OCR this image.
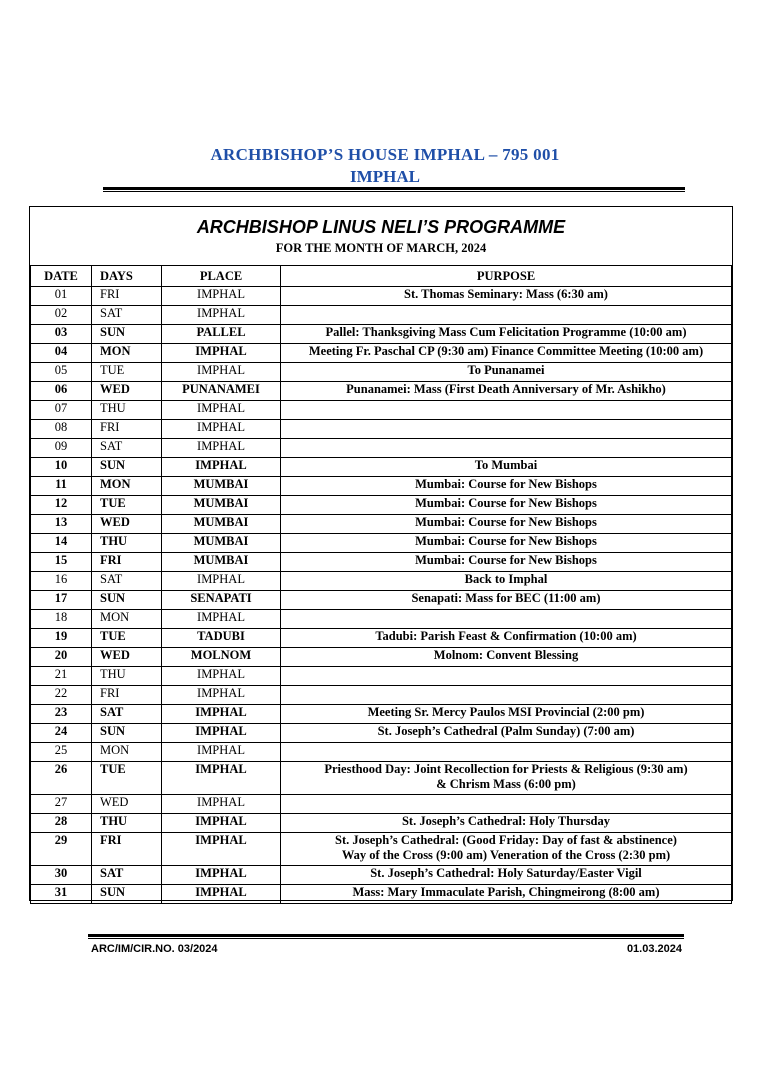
ARCHBISHOP’S HOUSE IMPHAL – 795 001
IMPHAL
ARCHBISHOP LINUS NELI’S PROGRAMME
FOR THE MONTH OF MARCH, 2024
DATE	DAYS	PLACE	PURPOSE
01	FRI	IMPHAL	St. Thomas Seminary: Mass (6:30 am)

02	SAT	IMPHAL	

03	SUN	PALLEL	Pallel: Thanksgiving Mass Cum Felicitation Programme (10:00 am)

04	MON	IMPHAL	Meeting Fr. Paschal CP (9:30 am) Finance Committee Meeting (10:00 am)

05	TUE	IMPHAL	To Punanamei

06	WED	PUNANAMEI	Punanamei: Mass (First Death Anniversary of Mr. Ashikho)

07	THU	IMPHAL	

08	FRI	IMPHAL	

09	SAT	IMPHAL	

10	SUN	IMPHAL	To Mumbai

11	MON	MUMBAI	Mumbai: Course for New Bishops

12	TUE	MUMBAI	Mumbai: Course for New Bishops

13	WED	MUMBAI	Mumbai: Course for New Bishops

14	THU	MUMBAI	Mumbai: Course for New Bishops

15	FRI	MUMBAI	Mumbai: Course for New Bishops

16	SAT	IMPHAL	Back to Imphal

17	SUN	SENAPATI	Senapati: Mass for BEC (11:00 am)

18	MON	IMPHAL	

19	TUE	TADUBI	Tadubi: Parish Feast & Confirmation (10:00 am)

20	WED	MOLNOM	Molnom: Convent Blessing

21	THU	IMPHAL	

22	FRI	IMPHAL	

23	SAT	IMPHAL	Meeting Sr. Mercy Paulos MSI Provincial (2:00 pm)

24	SUN	IMPHAL	St. Joseph’s Cathedral (Palm Sunday) (7:00 am)

25	MON	IMPHAL	

26	TUE	IMPHAL	Priesthood Day: Joint Recollection for Priests & Religious (9:30 am)
& Chrism Mass (6:00 pm)

27	WED	IMPHAL	

28	THU	IMPHAL	St. Joseph’s Cathedral: Holy Thursday

29	FRI	IMPHAL	St. Joseph’s Cathedral: (Good Friday: Day of fast & abstinence)
Way of the Cross (9:00 am) Veneration of the Cross (2:30 pm)

30	SAT	IMPHAL	St. Joseph’s Cathedral: Holy Saturday/Easter Vigil

31	SUN	IMPHAL	Mass: Mary Immaculate Parish, Chingmeirong (8:00 am)
ARC/IM/CIR.NO. 03/2024	01.03.2024
